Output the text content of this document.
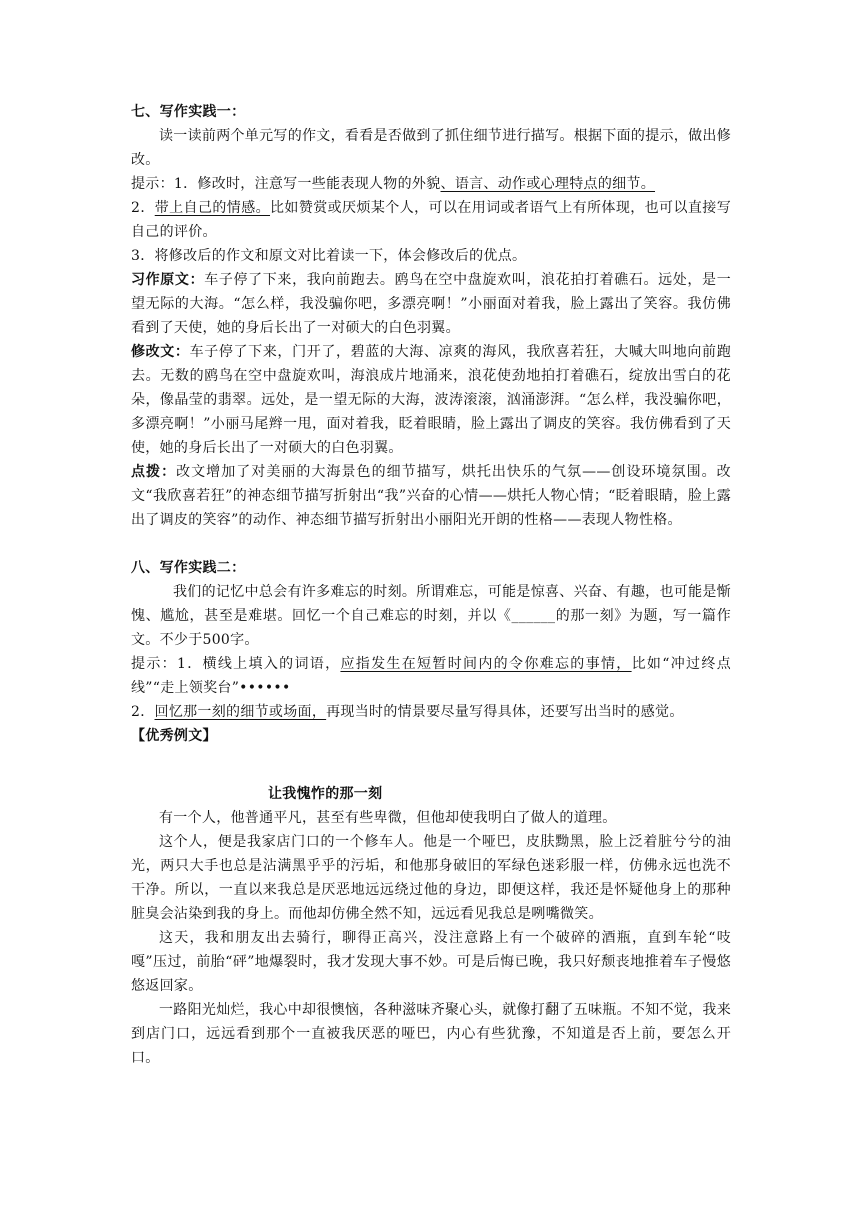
七、写作实践一：

读一读前两个单元写的作文，看看是否做到了抓住细节进行描写。根据下面的提示，做出修改。

提示：1．修改时，注意写一些能表现人物的外貌、语言、动作或心理特点的细节。

2．带上自己的情感。比如赞赏或厌烦某个人，可以在用词或者语气上有所体现，也可以直接写自己的评价。

3．将修改后的作文和原文对比着读一下，体会修改后的优点。

习作原文：车子停了下来，我向前跑去。鸥鸟在空中盘旋欢叫，浪花拍打着礁石。远处，是一望无际的大海。“怎么样，我没骗你吧，多漂亮啊！”小丽面对着我，脸上露出了笑容。我仿佛看到了天使，她的身后长出了一对硕大的白色羽翼。

修改文：车子停了下来，门开了，碧蓝的大海、凉爽的海风，我欣喜若狂，大喊大叫地向前跑去。无数的鸥鸟在空中盘旋欢叫，海浪成片地涌来，浪花使劲地拍打着礁石，绽放出雪白的花朵，像晶莹的翡翠。远处，是一望无际的大海，波涛滚滚，汹涌澎湃。“怎么样，我没骗你吧，多漂亮啊！”小丽马尾辫一甩，面对着我，眨着眼睛，脸上露出了调皮的笑容。我仿佛看到了天使，她的身后长出了一对硕大的白色羽翼。

点拨：改文增加了对美丽的大海景色的细节描写，烘托出快乐的气氛——创设环境氛围。改文“我欣喜若狂”的神态细节描写折射出“我”兴奋的心情——烘托人物心情；“眨着眼睛，脸上露出了调皮的笑容”的动作、神态细节描写折射出小丽阳光开朗的性格——表现人物性格。

八、写作实践二：

我们的记忆中总会有许多难忘的时刻。所谓难忘，可能是惊喜、兴奋、有趣，也可能是惭愧、尴尬，甚至是难堪。回忆一个自己难忘的时刻，并以《______的那一刻》为题，写一篇作文。不少于500字。

提示：1．横线上填入的词语，应指发生在短暂时间内的令你难忘的事情，比如“冲过终点线”“走上领奖台”••••••

2．回忆那一刻的细节或场面，再现当时的情景要尽量写得具体，还要写出当时的感觉。

【优秀例文】

让我愧怍的那一刻

有一个人，他普通平凡，甚至有些卑微，但他却使我明白了做人的道理。

这个人，便是我家店门口的一个修车人。他是一个哑巴，皮肤黝黑，脸上泛着脏兮兮的油光，两只大手也总是沾满黑乎乎的污垢，和他那身破旧的军绿色迷彩服一样，仿佛永远也洗不干净。所以，一直以来我总是厌恶地远远绕过他的身边，即便这样，我还是怀疑他身上的那种脏臭会沾染到我的身上。而他却仿佛全然不知，远远看见我总是咧嘴微笑。

这天，我和朋友出去骑行，聊得正高兴，没注意路上有一个破碎的酒瓶，直到车轮“吱嘎”压过，前胎“砰”地爆裂时，我才发现大事不妙。可是后悔已晚，我只好颓丧地推着车子慢悠悠返回家。

一路阳光灿烂，我心中却很懊恼，各种滋味齐聚心头，就像打翻了五味瓶。不知不觉，我来到店门口，远远看到那个一直被我厌恶的哑巴，内心有些犹豫，不知道是否上前，要怎么开口。
